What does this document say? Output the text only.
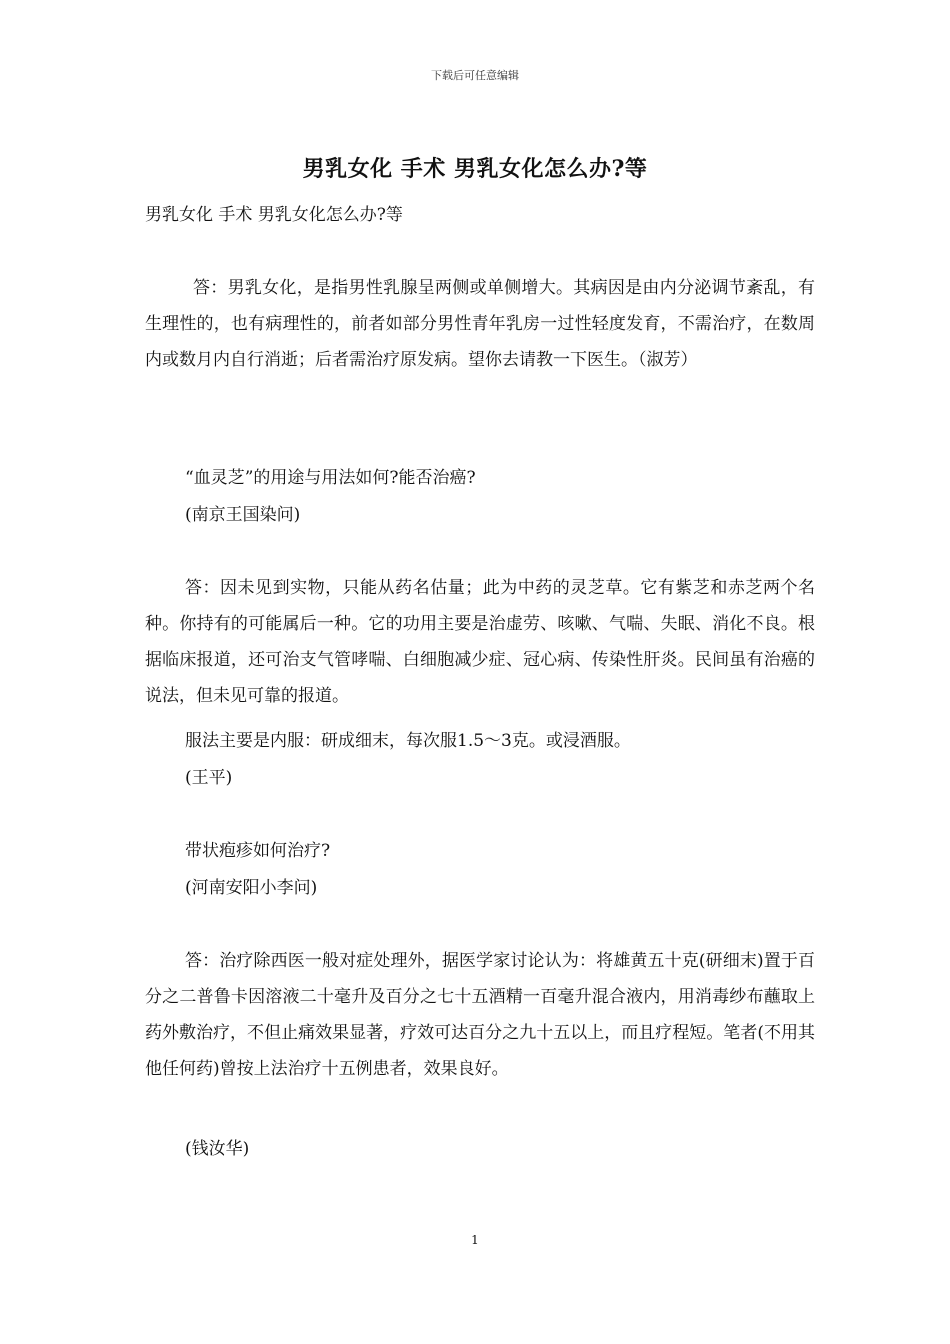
下载后可任意编辑
男乳女化 手术 男乳女化怎么办?等
男乳女化 手术 男乳女化怎么办?等

答：男乳女化，是指男性乳腺呈两侧或单侧增大。其病因是由内分泌调节紊乱，有生理性的，也有病理性的，前者如部分男性青年乳房一过性轻度发育，不需治疗，在数周内或数月内自行消逝；后者需治疗原发病。望你去请教一下医生。（淑芳）

“血灵芝”的用途与用法如何?能否治癌?
(南京王国染问)

答：因未见到实物，只能从药名估量；此为中药的灵芝草。它有紫芝和赤芝两个名种。你持有的可能属后一种。它的功用主要是治虚劳、咳嗽、气喘、失眠、消化不良。根据临床报道，还可治支气管哮喘、白细胞减少症、冠心病、传染性肝炎。民间虽有治癌的说法，但未见可靠的报道。

服法主要是内服：研成细末，每次服1.5～3克。或浸酒服。
(王平)
带状疱疹如何治疗?
(河南安阳小李问)

答：治疗除西医一般对症处理外，据医学家讨论认为：将雄黄五十克(研细末)置于百分之二普鲁卡因溶液二十毫升及百分之七十五酒精一百毫升混合液内，用消毒纱布蘸取上药外敷治疗，不但止痛效果显著，疗效可达百分之九十五以上，而且疗程短。笔者(不用其他任何药)曾按上法治疗十五例患者，效果良好。

(钱汝华)
1
